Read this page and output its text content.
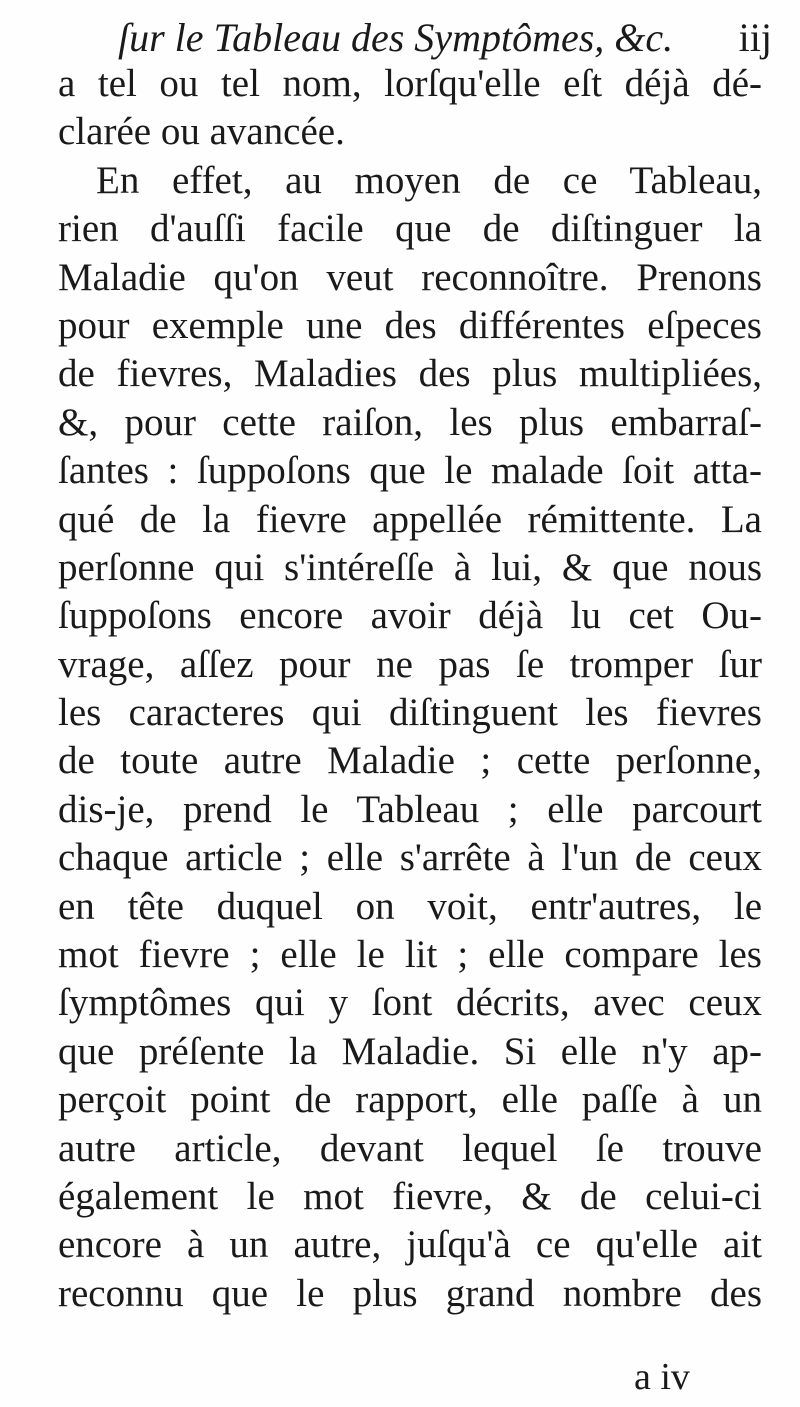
ſur le Tableau des Symptômes, &c. iij
a tel ou tel nom, lorſqu'elle eſt déjà dé-
clarée ou avancée.
En effet, au moyen de ce Tableau,
rien d'auſſi facile que de diſtinguer la
Maladie qu'on veut reconnoître. Prenons
pour exemple une des différentes eſpeces
de fievres, Maladies des plus multipliées,
&, pour cette raiſon, les plus embarraſ-
ſantes : ſuppoſons que le malade ſoit atta-
qué de la fievre appellée rémittente. La
perſonne qui s'intéreſſe à lui, & que nous
ſuppoſons encore avoir déjà lu cet Ou-
vrage, aſſez pour ne pas ſe tromper ſur
les caracteres qui diſtinguent les fievres
de toute autre Maladie ; cette perſonne,
dis-je, prend le Tableau ; elle parcourt
chaque article ; elle s'arrête à l'un de ceux
en tête duquel on voit, entr'autres, le
mot fievre ; elle le lit ; elle compare les
ſymptômes qui y ſont décrits, avec ceux
que préſente la Maladie. Si elle n'y ap-
perçoit point de rapport, elle paſſe à un
autre article, devant lequel ſe trouve
également le mot fievre, & de celui-ci
encore à un autre, juſqu'à ce qu'elle ait
reconnu que le plus grand nombre des
a iv
